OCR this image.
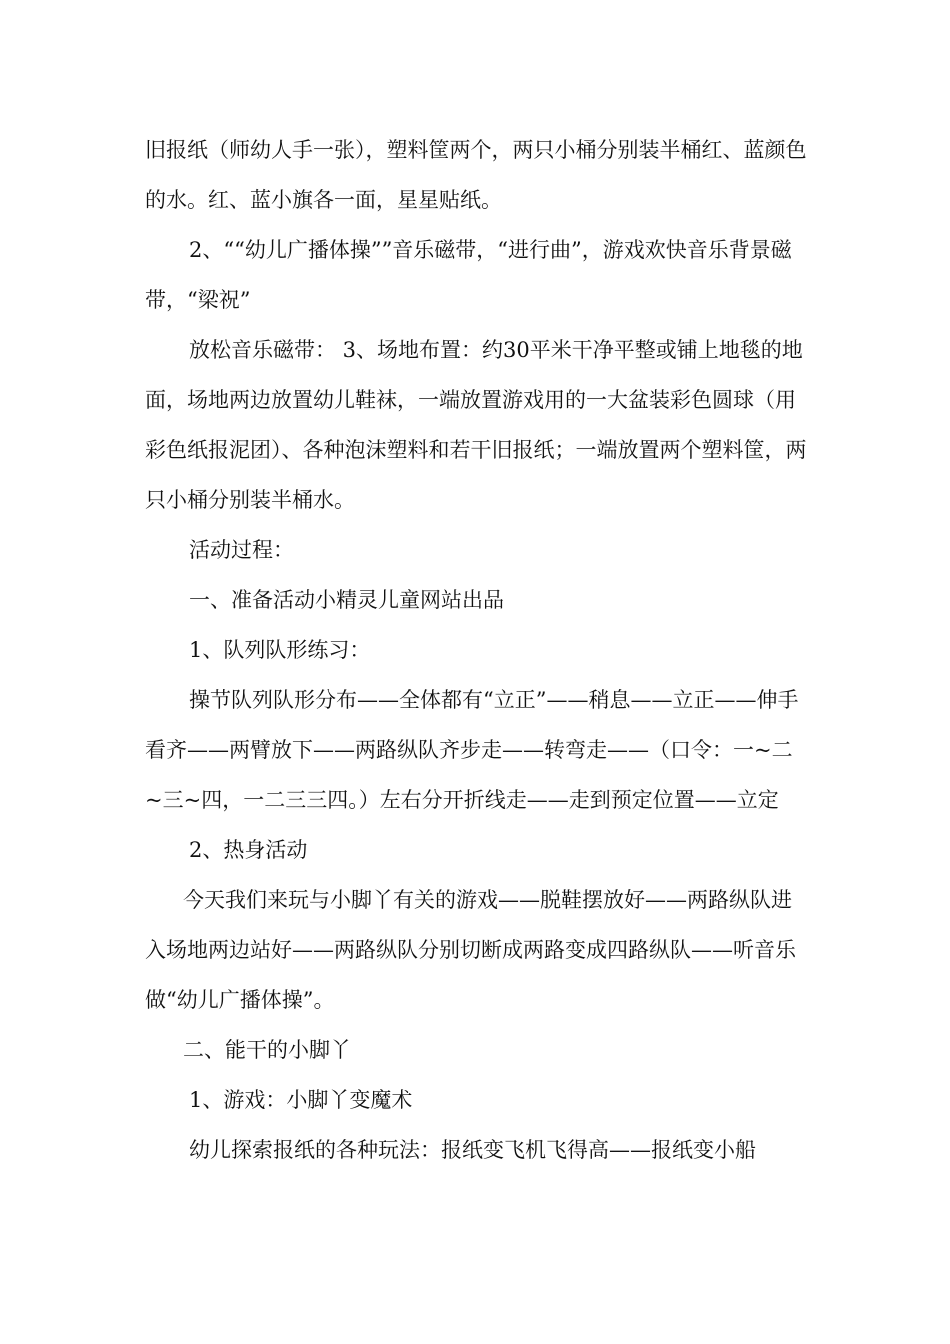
旧报纸（师幼人手一张），塑料筐两个，两只小桶分别装半桶红、蓝颜色的水。红、蓝小旗各一面，星星贴纸。

2、““幼儿广播体操””音乐磁带，“进行曲”，游戏欢快音乐背景磁带，“梁祝”

放松音乐磁带： 3、场地布置：约30平米干净平整或铺上地毯的地面，场地两边放置幼儿鞋袜，一端放置游戏用的一大盆装彩色圆球（用彩色纸报泥团）、各种泡沫塑料和若干旧报纸；一端放置两个塑料筐，两只小桶分别装半桶水。

活动过程：

一、准备活动小精灵儿童网站出品

1、队列队形练习：

操节队列队形分布——全体都有“立正”——稍息——立正——伸手看齐——两臂放下——两路纵队齐步走——转弯走——（口令：一~二~三~四，一二三三四。）左右分开折线走——走到预定位置——立定

2、热身活动

今天我们来玩与小脚丫有关的游戏——脱鞋摆放好——两路纵队进入场地两边站好——两路纵队分别切断成两路变成四路纵队——听音乐做“幼儿广播体操”。

二、能干的小脚丫

1、游戏：小脚丫变魔术

幼儿探索报纸的各种玩法：报纸变飞机飞得高——报纸变小船
